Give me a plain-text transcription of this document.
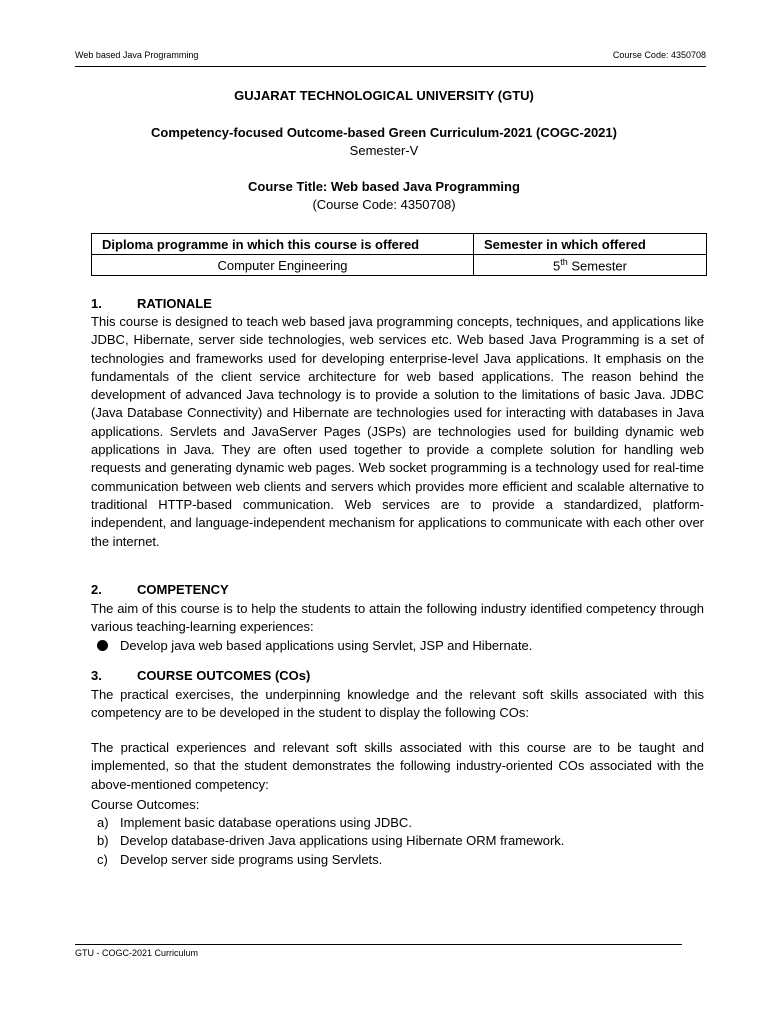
Web based Java Programming	Course Code: 4350708
GUJARAT TECHNOLOGICAL UNIVERSITY (GTU)
Competency-focused Outcome-based Green Curriculum-2021 (COGC-2021)
Semester-V
Course Title: Web based Java Programming
(Course Code: 4350708)
Diploma programme in which this course is offered	Semester in which offered
Computer Engineering	5th Semester
1.	RATIONALE
This course is designed to teach web based java programming concepts, techniques, and applications like JDBC, Hibernate, server side technologies, web services etc. Web based Java Programming is a set of technologies and frameworks used for developing enterprise-level Java applications. It emphasis on the fundamentals of the client service architecture for web based applications. The reason behind the development of advanced Java technology is to provide a solution to the limitations of basic Java. JDBC (Java Database Connectivity) and Hibernate are technologies used for interacting with databases in Java applications. Servlets and JavaServer Pages (JSPs) are technologies used for building dynamic web applications in Java. They are often used together to provide a complete solution for handling web requests and generating dynamic web pages. Web socket programming is a technology used for real-time communication between web clients and servers which provides more efficient and scalable alternative to traditional HTTP-based communication. Web services are to provide a standardized, platform-independent, and language-independent mechanism for applications to communicate with each other over the internet.
2.	COMPETENCY
The aim of this course is to help the students to attain the following industry identified competency through various teaching-learning experiences:
Develop java web based applications using Servlet, JSP and Hibernate.
3.	COURSE OUTCOMES (COs)
The practical exercises, the underpinning knowledge and the relevant soft skills associated with this competency are to be developed in the student to display the following COs:
The practical experiences and relevant soft skills associated with this course are to be taught and implemented, so that the student demonstrates the following industry-oriented COs associated with the above-mentioned competency:
Course Outcomes:
a) Implement basic database operations using JDBC.
b) Develop database-driven Java applications using Hibernate ORM framework.
c) Develop server side programs using Servlets.
GTU - COGC-2021 Curriculum
